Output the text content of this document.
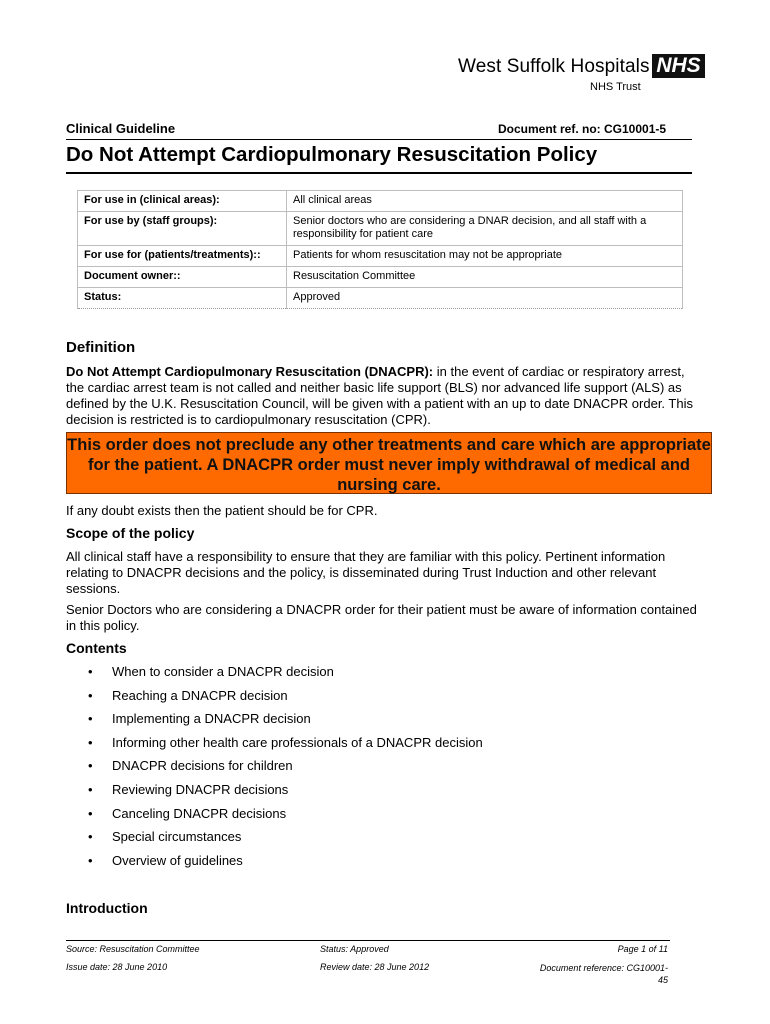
West Suffolk Hospitals NHS
NHS Trust
Clinical Guideline	Document ref. no: CG10001-5
Do Not Attempt Cardiopulmonary Resuscitation Policy
For use in (clinical areas):	All clinical areas
For use by (staff groups):	Senior doctors who are considering a DNAR decision, and all staff with a responsibility for patient care
For use for (patients/treatments)::	Patients for whom resuscitation may not be appropriate
Document owner::	Resuscitation Committee
Status:	Approved
Definition
Do Not Attempt Cardiopulmonary Resuscitation (DNACPR): in the event of cardiac or respiratory arrest, the cardiac arrest team is not called and neither basic life support (BLS) nor advanced life support (ALS) as defined by the U.K. Resuscitation Council, will be given with a patient with an up to date DNACPR order. This decision is restricted is to cardiopulmonary resuscitation (CPR).
This order does not preclude any other treatments and care which are appropriate for the patient. A DNACPR order must never imply withdrawal of medical and nursing care.
If any doubt exists then the patient should be for CPR.
Scope of the policy
All clinical staff have a responsibility to ensure that they are familiar with this policy. Pertinent information relating to DNACPR decisions and the policy, is disseminated during Trust Induction and other relevant sessions.
Senior Doctors who are considering a DNACPR order for their patient must be aware of information contained in this policy.
Contents
• When to consider a DNACPR decision
• Reaching a DNACPR decision
• Implementing a DNACPR decision
• Informing other health care professionals of a DNACPR decision
• DNACPR decisions for children
• Reviewing DNACPR decisions
• Canceling DNACPR decisions
• Special circumstances
• Overview of guidelines
Introduction
Source: Resuscitation Committee	Status: Approved	Page 1 of 11
Issue date: 28 June 2010	Review date: 28 June 2012	Document reference: CG10001-
45
